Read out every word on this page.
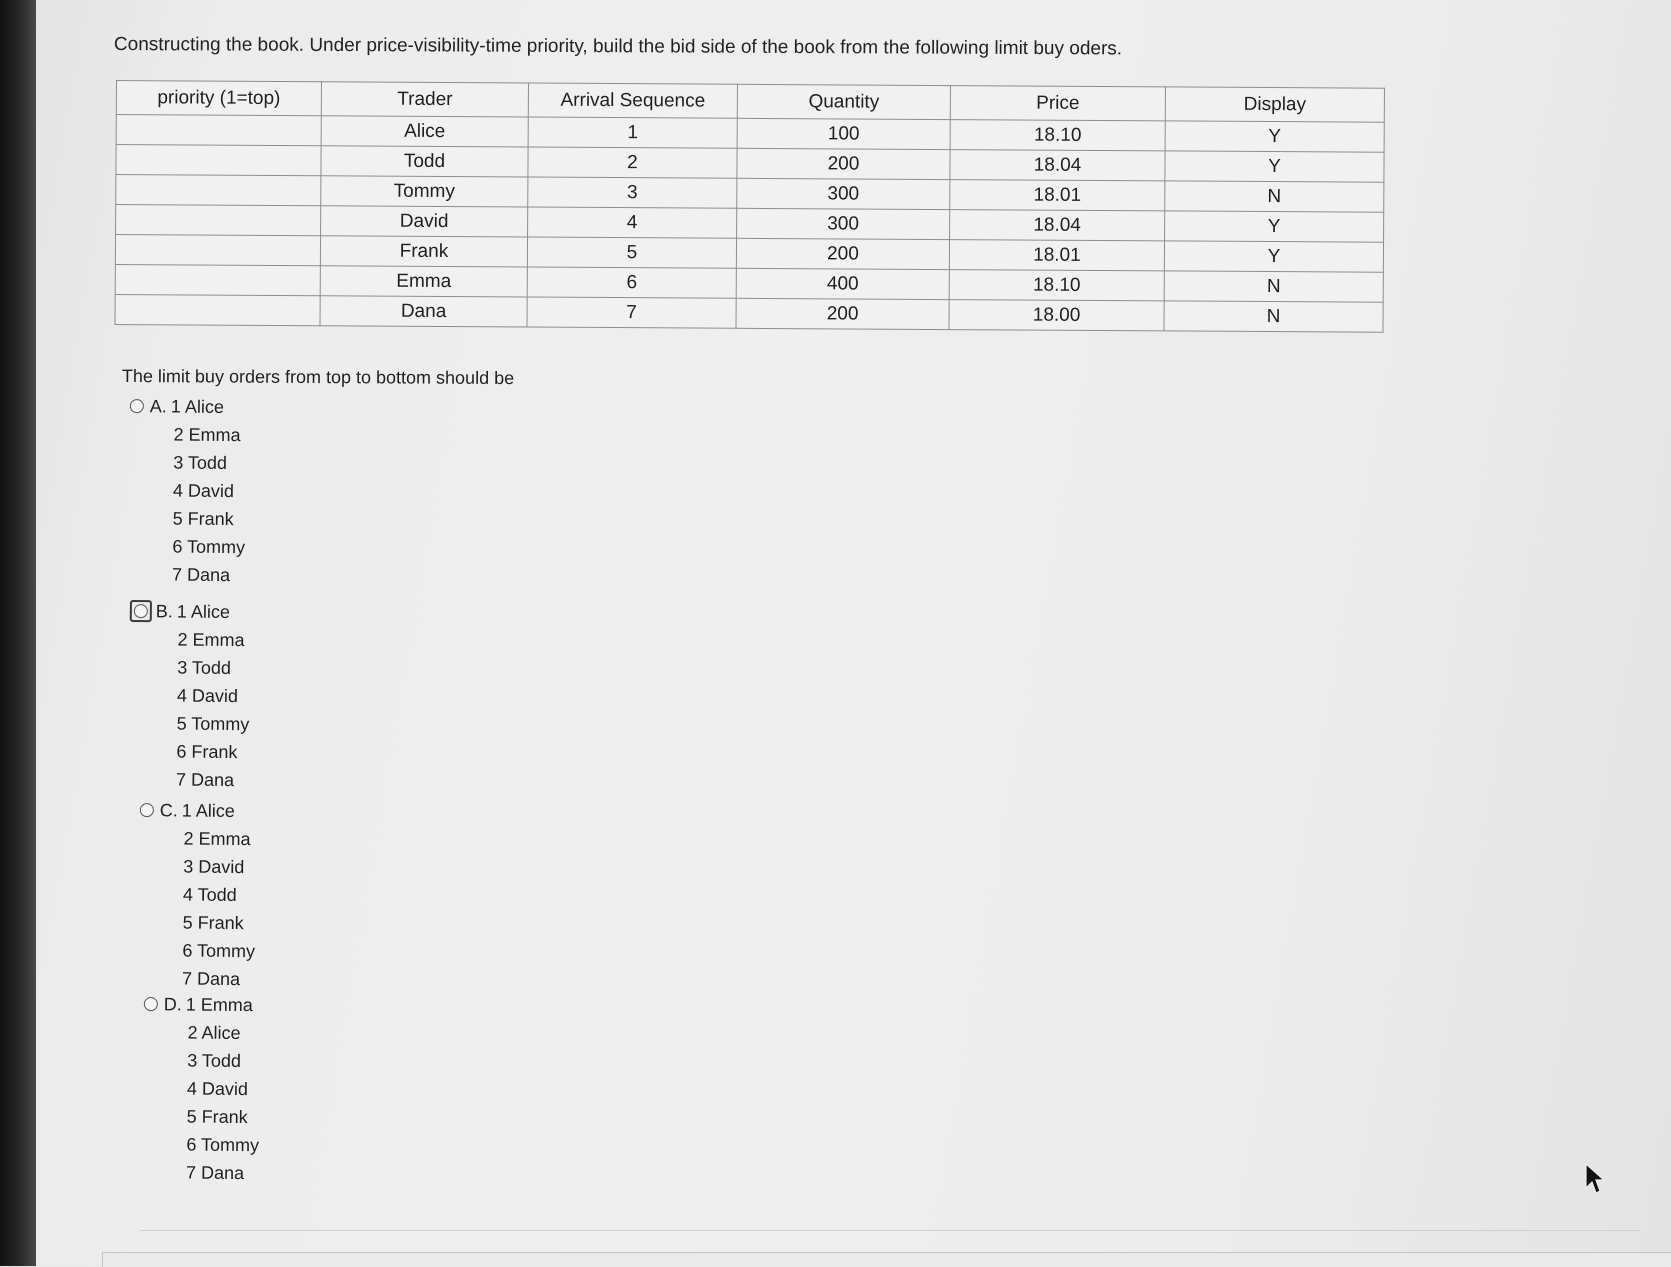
Constructing the book. Under price-visibility-time priority, build the bid side of the book from the following limit buy oders.
priority (1=top)	Trader	Arrival Sequence	Quantity	Price	Display
	Alice	1	100	18.10	Y
	Todd	2	200	18.04	Y
	Tommy	3	300	18.01	N
	David	4	300	18.04	Y
	Frank	5	200	18.01	Y
	Emma	6	400	18.10	N
	Dana	7	200	18.00	N
The limit buy orders from top to bottom should be
A. 1 Alice
2 Emma
3 Todd
4 David
5 Frank
6 Tommy
7 Dana
B. 1 Alice
2 Emma
3 Todd
4 David
5 Tommy
6 Frank
7 Dana
C. 1 Alice
2 Emma
3 David
4 Todd
5 Frank
6 Tommy
7 Dana
D. 1 Emma
2 Alice
3 Todd
4 David
5 Frank
6 Tommy
7 Dana
